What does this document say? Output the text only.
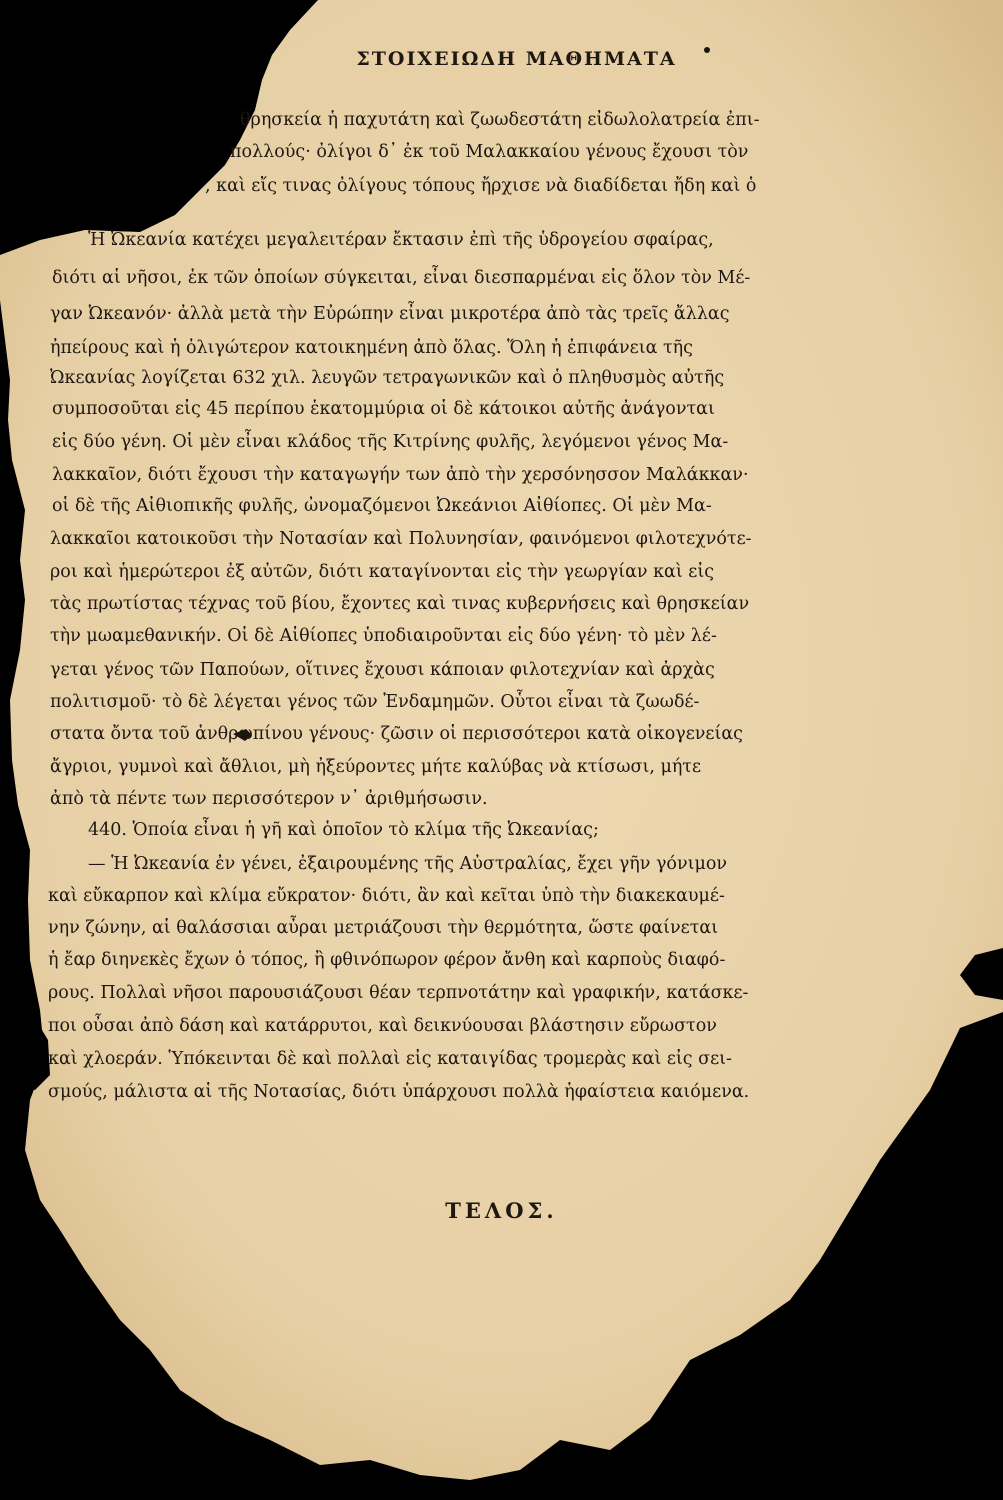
ΣΤΟΙΧΕΙΩΔΗ ΜΑΘΗΜΑΤΑ
θρησκεία ἡ παχυτάτη καὶ ζωωδεστάτη εἰδωλολατρεία ἐπι-
πολλούς· ὀλίγοι δ᾽ ἐκ τοῦ Μαλακκαίου γένους ἔχουσι τὸν
, καὶ εἴς τινας ὀλίγους τόπους ἤρχισε νὰ διαδίδεται ἤδη καὶ ὁ
Ἡ Ὠκεανία κατέχει μεγαλειτέραν ἔκτασιν ἐπὶ τῆς ὑδρογείου σφαίρας,
διότι αἱ νῆσοι, ἐκ τῶν ὁποίων σύγκειται, εἶναι διεσπαρμέναι εἰς ὅλον τὸν Μέ-
γαν Ὠκεανόν· ἀλλὰ μετὰ τὴν Εὐρώπην εἶναι μικροτέρα ἀπὸ τὰς τρεῖς ἄλλας
ἠπείρους καὶ ἡ ὀλιγώτερον κατοικημένη ἀπὸ ὅλας. Ὅλη ἡ ἐπιφάνεια τῆς
Ὠκεανίας λογίζεται 632 χιλ. λευγῶν τετραγωνικῶν καὶ ὁ πληθυσμὸς αὐτῆς
συμποσοῦται εἰς 45 περίπου ἑκατομμύρια οἱ δὲ κάτοικοι αὐτῆς ἀνάγονται
εἰς δύο γένη. Οἱ μὲν εἶναι κλάδος τῆς Κιτρίνης φυλῆς, λεγόμενοι γένος Μα-
λακκαῖον, διότι ἔχουσι τὴν καταγωγήν των ἀπὸ τὴν χερσόνησσον Μαλάκκαν·
οἱ δὲ τῆς Αἰθιοπικῆς φυλῆς, ὠνομαζόμενοι Ὠκεάνιοι Αἰθίοπες. Οἱ μὲν Μα-
λακκαῖοι κατοικοῦσι τὴν Νοτασίαν καὶ Πολυνησίαν, φαινόμενοι φιλοτεχνότε-
ροι καὶ ἡμερώτεροι ἐξ αὐτῶν, διότι καταγίνονται εἰς τὴν γεωργίαν καὶ εἰς
τὰς πρωτίστας τέχνας τοῦ βίου, ἔχοντες καὶ τινας κυβερνήσεις καὶ θρησκείαν
τὴν μωαμεθανικήν. Οἱ δὲ Αἰθίοπες ὑποδιαιροῦνται εἰς δύο γένη· τὸ μὲν λέ-
γεται γένος τῶν Παπούων, οἵτινες ἔχουσι κάποιαν φιλοτεχνίαν καὶ ἀρχὰς
πολιτισμοῦ· τὸ δὲ λέγεται γένος τῶν Ἐνδαμημῶν. Οὗτοι εἶναι τὰ ζωωδέ-
στατα ὄντα τοῦ ἀνθρωπίνου γένους· ζῶσιν οἱ περισσότεροι κατὰ οἰκογενείας
ἄγριοι, γυμνοὶ καὶ ἄθλιοι, μὴ ἠξεύροντες μήτε καλύβας νὰ κτίσωσι, μήτε
ἀπὸ τὰ πέντε των περισσότερον ν᾽ ἀριθμήσωσιν.
440. Ὁποία εἶναι ἡ γῆ καὶ ὁποῖον τὸ κλίμα τῆς Ὠκεανίας;
— Ἡ Ὠκεανία ἐν γένει, ἐξαιρουμένης τῆς Αὐστραλίας, ἔχει γῆν γόνιμον
καὶ εὔκαρπον καὶ κλίμα εὔκρατον· διότι, ἂν καὶ κεῖται ὑπὸ τὴν διακεκαυμέ-
νην ζώνην, αἱ θαλάσσιαι αὖραι μετριάζουσι τὴν θερμότητα, ὥστε φαίνεται
ἡ ἔαρ διηνεκὲς ἔχων ὁ τόπος, ἢ φθινόπωρον φέρον ἄνθη καὶ καρποὺς διαφό-
ρους. Πολλαὶ νῆσοι παρουσιάζουσι θέαν τερπνοτάτην καὶ γραφικήν, κατάσκε-
ποι οὖσαι ἀπὸ δάση καὶ κατάρρυτοι, καὶ δεικνύουσαι βλάστησιν εὔρωστον
καὶ χλοεράν. Ὑπόκεινται δὲ καὶ πολλαὶ εἰς καταιγίδας τρομερὰς καὶ εἰς σει-
σμούς, μάλιστα αἱ τῆς Νοτασίας, διότι ὑπάρχουσι πολλὰ ἡφαίστεια καιόμενα.
ΤΕΛΟΣ.
